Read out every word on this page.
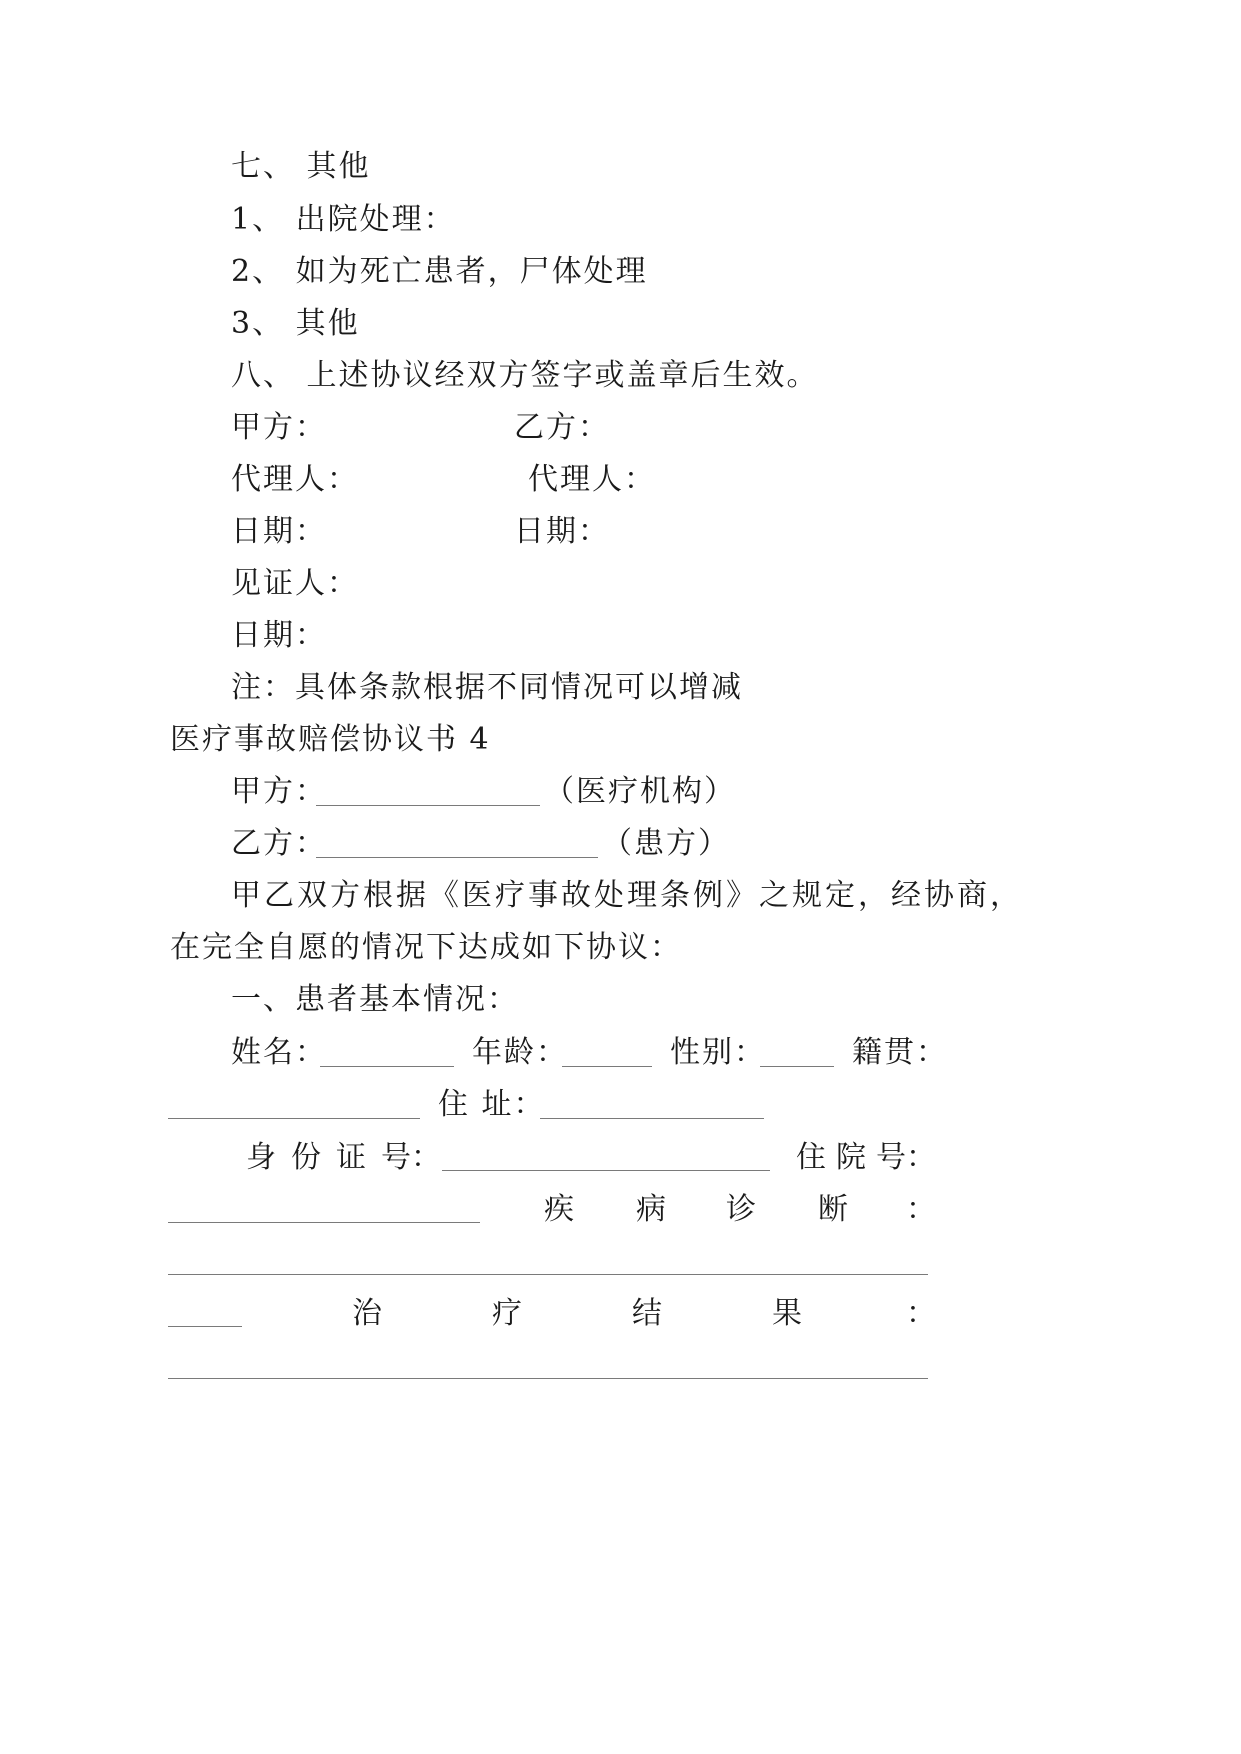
七、 其他
1、 出院处理：
2、 如为死亡患者，尸体处理
3、 其他
八、 上述协议经双方签字或盖章后生效。
甲方：	乙方：
代理人：	代理人：
日期：	日期：
见证人：
日期：
注：具体条款根据不同情况可以增减
医疗事故赔偿协议书 4
甲方：	（医疗机构）
乙方：	（患方）
甲乙双方根据《医疗事故处理条例》之规定，经协商，
在完全自愿的情况下达成如下协议：
一、患者基本情况：
姓名：	年龄：	性别：	籍贯：
住 址：
身 份 证 号 ：	住 院 号 ：
疾 病 诊 断 ：
治	疗	结	果	：
